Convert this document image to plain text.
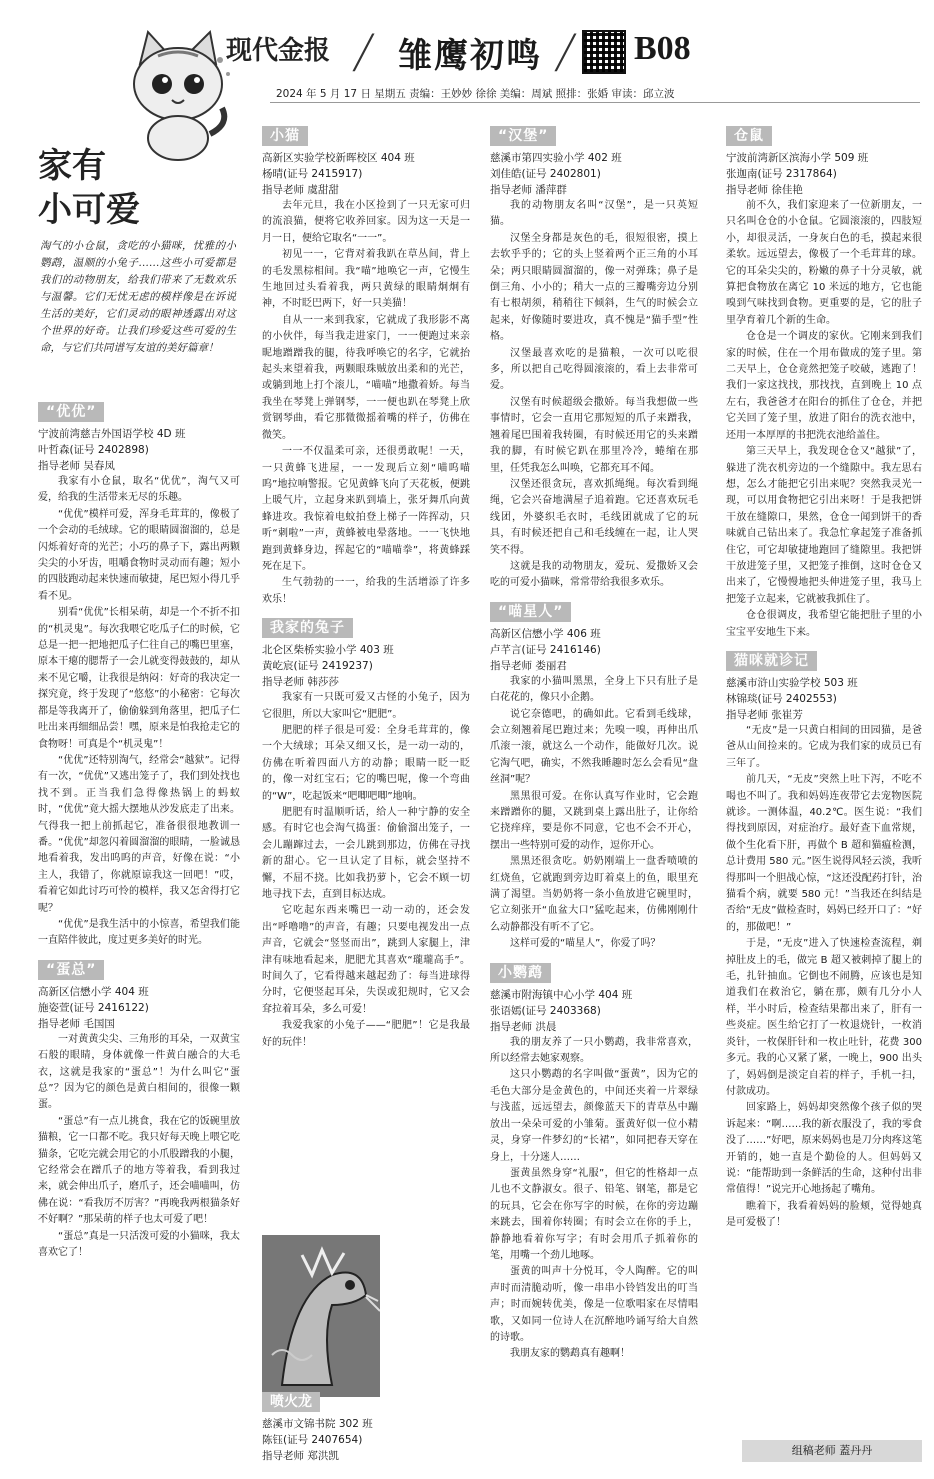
现代金报 / 雏鹰初鸣 / B08
2024 年 5 月 17 日 星期五 责编：王妙妙 徐徐 美编：周斌 照排：张婚 审读：邱立波
家有
小可爱
淘气的小仓鼠，贪吃的小猫咪，忧雅的小鹦鹉，温顺的小兔子……这些小可爱都是我们的动物朋友，给我们带来了无数欢乐与温馨。它们无忧无虑的模样像是在诉说生活的美好，它们灵动的眼神透露出对这个世界的好奇。让我们珍爱这些可爱的生命，与它们共同谱写友谊的美好篇章！
“优优”
宁波前湾慈吉外国语学校 4D 班
叶哲森(证号 2402898)
指导老师 吴春凤

我家有小仓鼠，取名“优优”，淘气又可爱，给我的生活带来无尽的乐趣。

“优优”模样可爱，浑身毛茸茸的，像极了一个会动的毛绒球。它的眼睛圆溜溜的，总是闪烁着好奇的光芒；小巧的鼻子下，露出两颗尖尖的小牙齿，咀嚼食物时灵动而有趣；短小的四肢跑动起来快速而敏捷，尾巴短小得几乎看不见。

别看“优优”长相呆萌，却是一个不折不扣的“机灵鬼”。每次我喂它吃瓜子仁的时候，它总是一把一把地把瓜子仁往自己的嘴巴里塞，原本干瘪的腮帮子一会儿就变得鼓鼓的，却从来不见它嚼，让我很是纳闷：好奇的我决定一探究竟，终于发现了“悠悠”的小秘密：它每次都是等我离开了，偷偷躲到角落里，把瓜子仁吐出来再细细品尝！嘿，原来是怕我抢走它的食物呀！可真是个“机灵鬼”！

“优优”还特别淘气，经常会“越狱”。记得有一次，“优优”又逃出笼子了，我们到处找也找不到。正当我们急得像热锅上的蚂蚁时，“优优”竟大摇大摆地从沙发底走了出来。气得我一把上前抓起它，准备很很地教训一番。“优优”却忽闪着圆溜溜的眼睛，一脸诚恳地看着我，发出呜呜的声音，好像在说：“小主人，我错了，你就原谅我这一回吧！”哎，看着它如此讨巧可怜的模样，我又怎舍得打它呢？

“优优”是我生活中的小惊喜，希望我们能一直陪伴彼此，度过更多美好的时光。

“蛋总”
高新区信懋小学 404 班
施姿萱(证号 2416122)
指导老师 毛国国

一对黄黄尖尖、三角形的耳朵，一双黄宝石般的眼睛，身体就像一件黄白融合的大毛衣，这就是我家的“蛋总”！为什么叫它“蛋总”？因为它的颜色是黄白相间的，很像一颗蛋。

“蛋总”有一点儿挑食，我在它的饭碗里放猫粮，它一口都不吃。我只好每天晚上喂它吃猫条，它吃完就会用它的小爪股蹭我的小腿，它经常会在蹭爪子的地方等着我，看到我过来，就会伸出爪子，磨爪子，还会喵喵叫，仿佛在说：“看我厉不厉害？”再晚我两根猫条好不好啊？”那呆萌的样子也太可爱了吧！

“蛋总”真是一只活泼可爱的小猫咪，我太喜欢它了！

小猫
高新区实验学校新晖校区 404 班
杨晴(证号 2415917)
指导老师 虞甜甜

去年元旦，我在小区捡到了一只无家可归的流浪猫，便将它收养回家。因为这一天是一月一日，便给它取名“一一”。

初见一一，它背对着我趴在草丛间，背上的毛发黑棕相间。我“喵”地唤它一声，它慢生生地回过头看着我，两只黄绿的眼睛炯炯有神，不时眨巴两下，好一只美猫！

自从一一来到我家，它就成了我形影不离的小伙伴，每当我走进家门，一一便跑过来亲昵地蹭蹭我的腿，待我呼唤它的名字，它就抬起头来望着我，两颗眼珠贼放出柔和的光芒，或躺到地上打个滚儿，“喵喵”地撒着娇。每当我坐在琴凳上弹钢琴，一一便也趴在琴凳上欣赏钢琴曲，看它那微微摇着嘴的样子，仿佛在微笑。

一一不仅温柔可亲，还很勇敢呢！一天，一只黄蜂飞进屋，一一发现后立刻“喵呜喵呜”地拉响警报。它见黄蜂飞向了天花板，便跳上暖气片，立起身来趴到墙上，张牙舞爪向黄蜂进攻。我惊着电蚊拍登上梯子一阵挥动，只听“刺啦”一声，黄蜂被电晕落地。一一飞快地跑到黄蜂身边，挥起它的“喵喵拳”，将黄蜂踩死在足下。

生气勃勃的一一，给我的生活增添了许多欢乐！

我家的兔子
北仑区柴桥实验小学 403 班
黄屹宸(证号 2419237)
指导老师 韩莎莎

我家有一只既可爱又古怪的小兔子，因为它很胆，所以大家叫它“肥肥”。

肥肥的样子很是可爱：全身毛茸茸的，像一个大绒球；耳朵又细又长，是一动一动的，仿佛在听着四面八方的动静；眼睛一眨一眨的，像一对红宝石；它的嘴巴呢，像一个弯曲的“W”，吃起饭来“吧唧吧唧”地响。

肥肥有时温顺听话，给人一种宁静的安全感。有时它也会淘气捣蛋：偷偷溜出笼子，一会儿蹦蹿过去，一会儿跳到那边，仿佛在寻找新的甜心。它一旦认定了目标，就会坚持不懈，不屈不挠。比如我扔萝卜，它会不顾一切地寻找下去，直到目标达成。

它吃起东西来嘴巴一动一动的，还会发出“呼噜噜”的声音，有趣；只要电视发出一点声音，它就会“竖竖而出”，跳到人家腿上，津津有味地看起来，肥肥尤其喜欢“瓏瓏高手”。时间久了，它看得越来越起劲了：每当进球得分时，它便竖起耳朵，失误或犯规时，它又会耷拉着耳朵，多么可爱！

我爱我家的小兔子——“肥肥”！它是我最好的玩伴！

喷火龙
慈溪市文锦书院 302 班
陈钰(证号 2407654)
指导老师 郑洪凯
“汉堡”
慈溪市第四实验小学 402 班
刘佳皓(证号 2402801)
指导老师 潘萍群

我的动物朋友名叫“汉堡”，是一只英短猫。

汉堡全身都是灰色的毛，很短很密，摸上去软乎乎的；它的头上竖着两个正三角的小耳朵；两只眼睛圆溜溜的，像一对弹珠；鼻子是倒三角、小小的；稍大一点的三瓣嘴旁边分别有七根胡须，稍稍往下倾斜，生气的时候会立起来，好像随时要进攻，真不愧是“猫手型”性格。

汉堡最喜欢吃的是猫粮，一次可以吃很多，所以把自己吃得圆滚滚的，看上去非常可爱。

汉堡有时候超级会撒娇。每当我想做一些事情时，它会一直用它那短短的爪子来蹭我，翘着尾巴围着我转圈，有时候还用它的头来蹭我的脚，有时候它趴在那里冷冷，蜷缩在那里，任凭我怎么叫唤，它都充耳不闻。

汉堡还很贪玩，喜欢抓绳绳。每次看到绳绳，它会兴奋地满屋子追着跑。它还喜欢玩毛线团，外婆织毛衣时，毛线团就成了它的玩具，有时候还把自己和毛线缠在一起，让人哭笑不得。

这就是我的动物朋友，爱玩、爱撒娇又会吃的可爱小猫咪，常常带给我很多欢乐。

“喵星人”
高新区信懋小学 406 班
卢芊言(证号 2416146)
指导老师 娄丽君

我家的小猫叫黑黑，全身上下只有肚子是白花花的，像只小企鹅。

说它奈德吧，的确如此。它看到毛线球，会立刻翘着尾巴跑过来；先嗅一嗅，再伸出爪爪滚一滚，就这么一个动作，能做好几次。说它淘气吧，确实，不然我睡趣时怎么会看见“盘丝洞”呢？

黑黑很可爱。在你认真写作业时，它会跑来蹭蹭你的腿，又跳到桌上露出肚子，让你给它挠痒痒，要是你不同意，它也不会不开心，摆出一些特别可爱的动作，逗你开心。

黑黑还很贪吃。奶奶刚端上一盘香喷喷的红烧鱼，它就跑到旁边盯着桌上的鱼，眼里充满了渴望。当奶奶将一条小鱼放进它碗里时，它立刻张开“血盆大口”猛吃起来，仿佛刚刚什么动静都没有听不了它。

这样可爱的“喵星人”，你爱了吗？

小鹦鹉
慈溪市附海镇中心小学 404 班
张语嫣(证号 2403368)
指导老师 洪晨

我的朋友养了一只小鹦鹉，我非常喜欢，所以经常去她家观察。

这只小鹦鹉的名字叫做“蛋黄”，因为它的毛色大部分是金黄色的，中间还夹着一片翠绿与浅蓝，远远望去，颜像蓝天下的青草丛中蹦放出一朵朵可爱的小雏菊。蛋黄好似一位小精灵，身穿一件梦幻的“长裙”，如同把春天穿在身上，十分迷人……

蛋黄虽然身穿“礼服”，但它的性格却一点儿也不文静淑女。很子、铅笔、钢笔，都是它的玩具，它会在你写字的时候，在你的旁边蹦来跳去，围着你转圈；有时会立在你的手上，静静地看着你写字；有时会用爪子抓着你的笔，用嘴一个劲儿地啄。

蛋黄的叫声十分悦耳，令人陶醉。它的叫声时而清脆动听，像一串串小铃铛发出的叮当声；时而婉转优美，像是一位歌唱家在尽情唱歌，又如同一位诗人在沉醉地吟诵写给大自然的诗歌。

我朋友家的鹦鹉真有趣啊！

仓鼠
宁波前湾新区滨海小学 509 班
张迦南(证号 2317864)
指导老师 徐佳艳

前不久，我们家迎来了一位新朋友，一只名叫仓仓的小仓鼠。它圆滚滚的，四肢短小，却很灵活，一身灰白色的毛，摸起来很柔软。远远望去，像极了一个毛茸茸的球。它的耳朵尖尖的，粉嫩的鼻子十分灵敏，就算把食物放在离它 10 米远的地方，它也能嗅到气味找到食物。更重要的是，它的肚子里孕育着几个新的生命。

仓仓是一个调皮的家伙。它刚来到我们家的时候，住在一个用布做成的笼子里。第二天早上，仓仓竟然把笼子咬破，逃跑了！我们一家这找找，那找找，直到晚上 10 点左右，我爸爸才在阳台的抓住了仓仓，并把它关回了笼子里，放进了阳台的洗衣池中，还用一本厚厚的书把洗衣池给盖住。

第三天早上，我发现仓仓又“越狱”了，躲进了洗衣机旁边的一个缝隙中。我左思右想，怎么才能把它引出来呢？突然我灵光一现，可以用食物把它引出来呀！于是我把饼干放在缝隙口，果然，仓仓一闻到饼干的香味就自己钻出来了。我急忙拿起笼子准备抓住它，可它却敏捷地跑回了缝隙里。我把饼干放进笼子里，又把笼子推倒，这时仓仓又出来了，它慢慢地把头伸进笼子里，我马上把笼子立起来，它就被我抓住了。

仓仓很调皮，我希望它能把肚子里的小宝宝平安地生下来。

猫咪就诊记
慈溪市浒山实验学校 503 班
林锦琰(证号 2402553)
指导老师 张崔芳

“无皮”是一只黄白相间的田园猫，是爸爸从山间捡来的。它成为我们家的成员已有三年了。

前几天，“无皮”突然上吐下泻，不吃不喝也不叫了。我和妈妈连夜带它去宠物医院就诊。一测体温，40.2℃。医生说：“我们得找到原因，对症治疗。最好查下血常规，做个生化看下肝，再做个 B 超和猫瘟检测，总计费用 580 元。”医生说得风轻云淡，我听得那叫一个胆战心惊，“这还没配药打针，治猫看个病，就要 580 元！”当我还在纠结是否给“无皮”做检查时，妈妈已经开口了：“好的，那做吧！”

于是，“无皮”进入了快速检查流程，剃掉肚皮上的毛，做完 B 超又被刺掉了腿上的毛，扎针抽血。它倒也不闹腾，应该也是知道我们在救治它，躺在那，颇有几分小人样，半小时后，检查结果都出来了，肝有一些炎症。医生给它打了一枚退烧针，一枚消炎针，一枚保肝针和一枚止吐针，花费 300 多元。我的心又紧了紧，一晚上，900 出头了，妈妈倒是淡定自若的样子，手机一扫，付款成功。

回家路上，妈妈却突然像个孩子似的哭诉起来：“啊……我的新衣服没了，我的零食没了……”好吧，原来妈妈也是刀分肉疼这笔开销的，她一直是个勤俭的人。但妈妈又说：“能帮助到一条鲜活的生命，这种付出非常值得！”说完开心地扬起了嘴角。

瞧着下，我看着妈妈的脸颊，觉得她真是可爱极了！

组稿老师 蓋丹丹
